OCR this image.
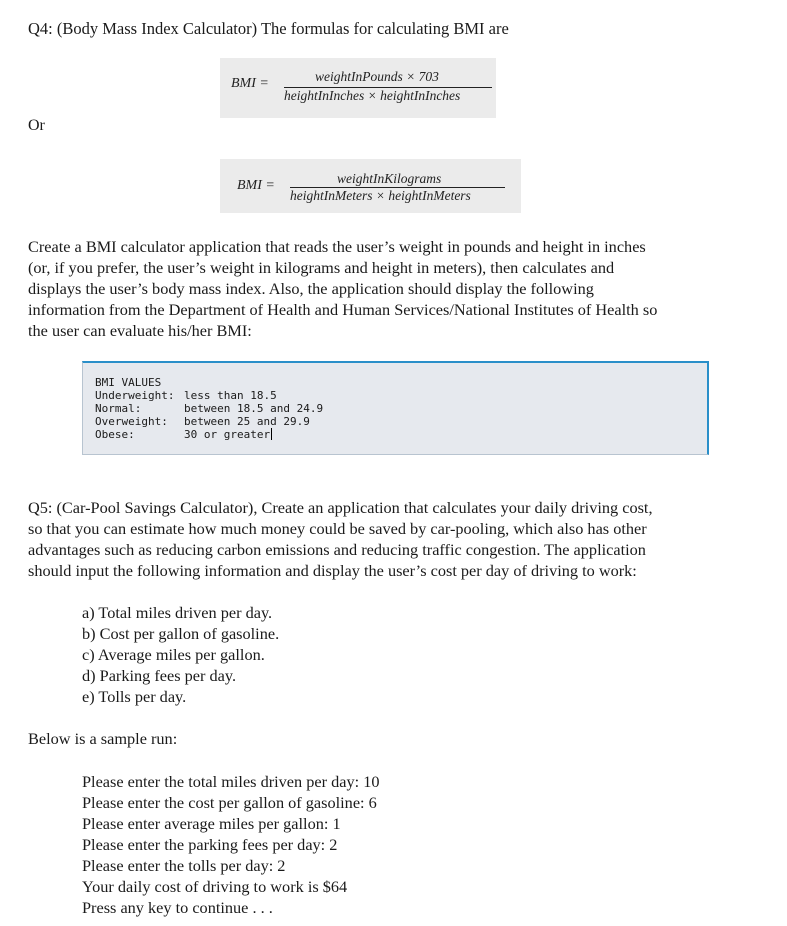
Q4: (Body Mass Index Calculator) The formulas for calculating BMI are
BMI =	weightInPounds × 703
heightInInches × heightInInches
Or
BMI =	weightInKilograms
heightInMeters × heightInMeters
Create a BMI calculator application that reads the user’s weight in pounds and height in inches
(or, if you prefer, the user’s weight in kilograms and height in meters), then calculates and
displays the user’s body mass index. Also, the application should display the following
information from the Department of Health and Human Services/National Institutes of Health so
the user can evaluate his/her BMI:
BMI VALUES
Underweight: less than 18.5
Normal:	between 18.5 and 24.9
Overweight: between 25 and 29.9
Obese:	30 or greater
Q5: (Car-Pool Savings Calculator), Create an application that calculates your daily driving cost,
so that you can estimate how much money could be saved by car-pooling, which also has other
advantages such as reducing carbon emissions and reducing traffic congestion. The application
should input the following information and display the user’s cost per day of driving to work:
a) Total miles driven per day.
b) Cost per gallon of gasoline.
c) Average miles per gallon.
d) Parking fees per day.
e) Tolls per day.
Below is a sample run:
Please enter the total miles driven per day: 10
Please enter the cost per gallon of gasoline: 6
Please enter average miles per gallon: 1
Please enter the parking fees per day: 2
Please enter the tolls per day: 2
Your daily cost of driving to work is $64
Press any key to continue . . .
